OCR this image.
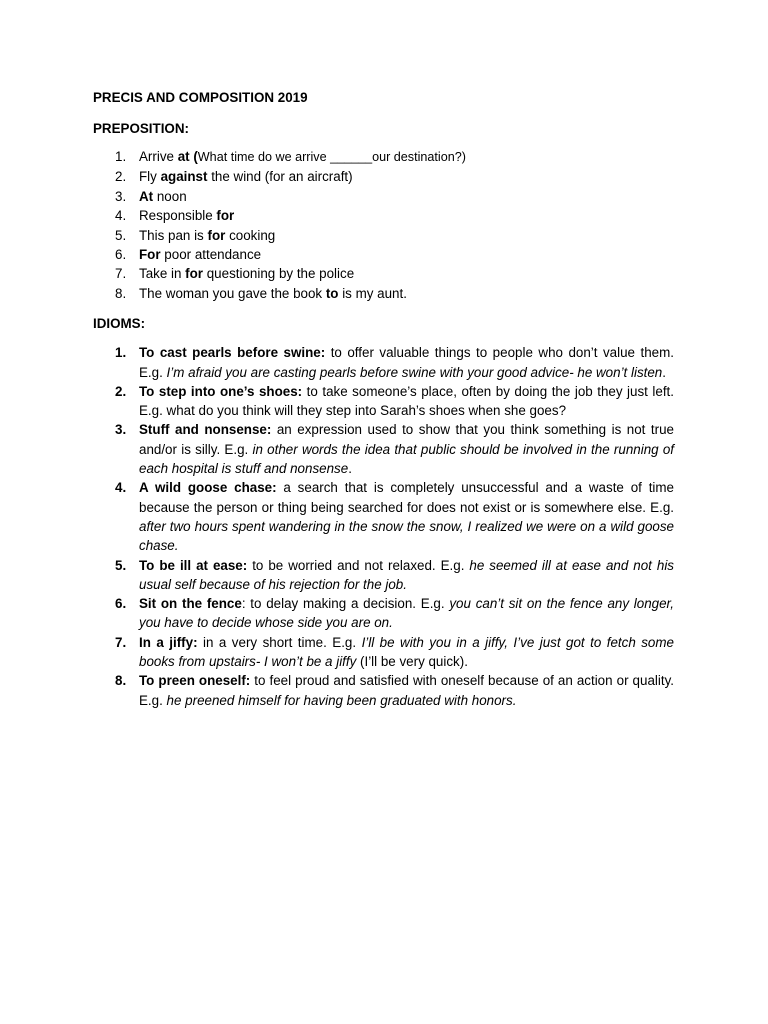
PRECIS AND COMPOSITION 2019

PREPOSITION:

1. Arrive at (What time do we arrive ______our destination?)
2. Fly against the wind (for an aircraft)
3. At noon
4. Responsible for
5. This pan is for cooking
6. For poor attendance
7. Take in for questioning by the police
8. The woman you gave the book to is my aunt.

IDIOMS:

1. To cast pearls before swine: to offer valuable things to people who don’t value them. E.g. I’m afraid you are casting pearls before swine with your good advice- he won’t listen.
2. To step into one’s shoes: to take someone’s place, often by doing the job they just left. E.g. what do you think will they step into Sarah’s shoes when she goes?
3. Stuff and nonsense: an expression used to show that you think something is not true and/or is silly. E.g. in other words the idea that public should be involved in the running of each hospital is stuff and nonsense.
4. A wild goose chase: a search that is completely unsuccessful and a waste of time because the person or thing being searched for does not exist or is somewhere else. E.g. after two hours spent wandering in the snow the snow, I realized we were on a wild goose chase.
5. To be ill at ease: to be worried and not relaxed. E.g. he seemed ill at ease and not his usual self because of his rejection for the job.
6. Sit on the fence: to delay making a decision. E.g. you can’t sit on the fence any longer, you have to decide whose side you are on.
7. In a jiffy: in a very short time. E.g. I’ll be with you in a jiffy, I’ve just got to fetch some books from upstairs- I won’t be a jiffy (I’ll be very quick).
8. To preen oneself: to feel proud and satisfied with oneself because of an action or quality. E.g. he preened himself for having been graduated with honors.
